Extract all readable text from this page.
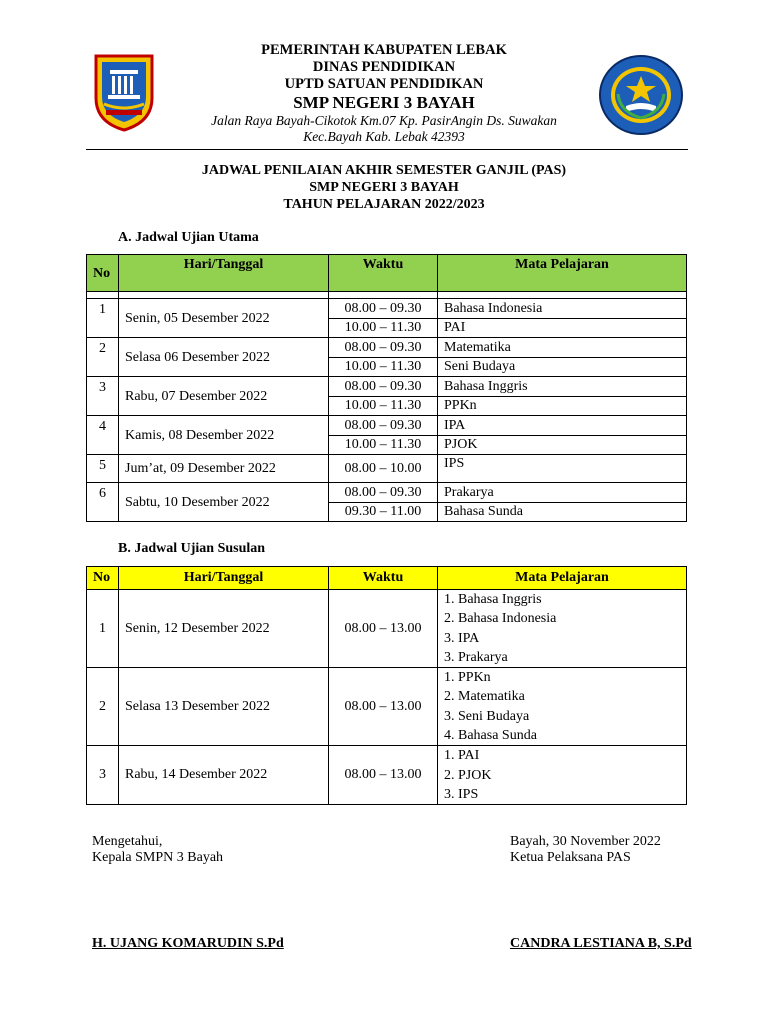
PEMERINTAH KABUPATEN LEBAK
DINAS PENDIDIKAN
UPTD SATUAN PENDIDIKAN
SMP NEGERI 3 BAYAH
Jalan Raya Bayah-Cikotok Km.07 Kp. PasirAngin Ds. Suwakan
Kec.Bayah Kab. Lebak 42393
JADWAL PENILAIAN AKHIR SEMESTER GANJIL (PAS)
SMP NEGERI 3 BAYAH
TAHUN PELAJARAN 2022/2023
A. Jadwal Ujian Utama
No	Hari/Tanggal	Waktu	Mata Pelajaran

1	Senin, 05 Desember 2022	08.00 – 09.30	Bahasa Indonesia
		10.00 – 11.30	PAI
2	Selasa 06 Desember 2022	08.00 – 09.30	Matematika
		10.00 – 11.30	Seni Budaya
3	Rabu, 07 Desember 2022	08.00 – 09.30	Bahasa Inggris
		10.00 – 11.30	PPKn
4	Kamis, 08 Desember 2022	08.00 – 09.30	IPA
		10.00 – 11.30	PJOK
5	Jum’at, 09 Desember 2022	08.00 – 10.00	IPS
6	Sabtu, 10 Desember 2022	08.00 – 09.30	Prakarya
		09.30 – 11.00	Bahasa Sunda
B. Jadwal Ujian Susulan
No	Hari/Tanggal	Waktu	Mata Pelajaran
1	Senin, 12 Desember 2022	08.00 – 13.00	1. Bahasa Inggris
2. Bahasa Indonesia
3. IPA
3. Prakarya

2	Selasa 13 Desember 2022	08.00 – 13.00	1. PPKn
2. Matematika
3. Seni Budaya
4. Bahasa Sunda

3	Rabu, 14 Desember 2022	08.00 – 13.00	1. PAI
2. PJOK
3. IPS
Mengetahui,
Kepala SMPN 3 Bayah
Bayah, 30 November 2022
Ketua Pelaksana PAS
H. UJANG KOMARUDIN S.Pd	CANDRA LESTIANA B, S.Pd
